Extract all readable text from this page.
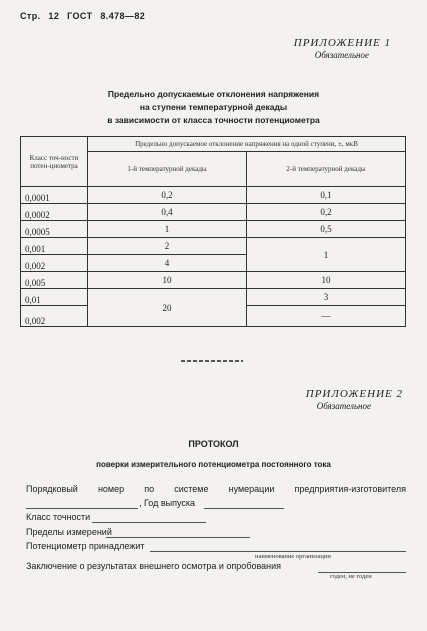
Стр. 12 ГОСТ 8.478—82
ПРИЛОЖЕНИЕ 1
Обязательное
Предельно допускаемые отклонения напряжения
на ступени температурной декады
в зависимости от класса точности потенциометра
Класс точ-ности потен-циометра	Предельно допускаемое отклонение напряжения на одной ступени, ±, мкВ	
	1-й температурной декады	2-й температурной декады
0,0001	0,2	0,1
0,0002	0,4	0,2
0,0005	1	0,5
0,001	2	1
0,002	4	
0,005	10	10
0,01	20	3
0,002		—
ПРИЛОЖЕНИЕ 2
Обязательное
ПРОТОКОЛ
поверки измерительного потенциометра постоянного тока
Порядковый номер по системе нумерации предприятия-изготовителя
, Год выпуска
Класс точности
Пределы измерений
Потенциометр принадлежит
наименование организации
Заключение о результатах внешнего осмотра и опробования
годен, не годен
